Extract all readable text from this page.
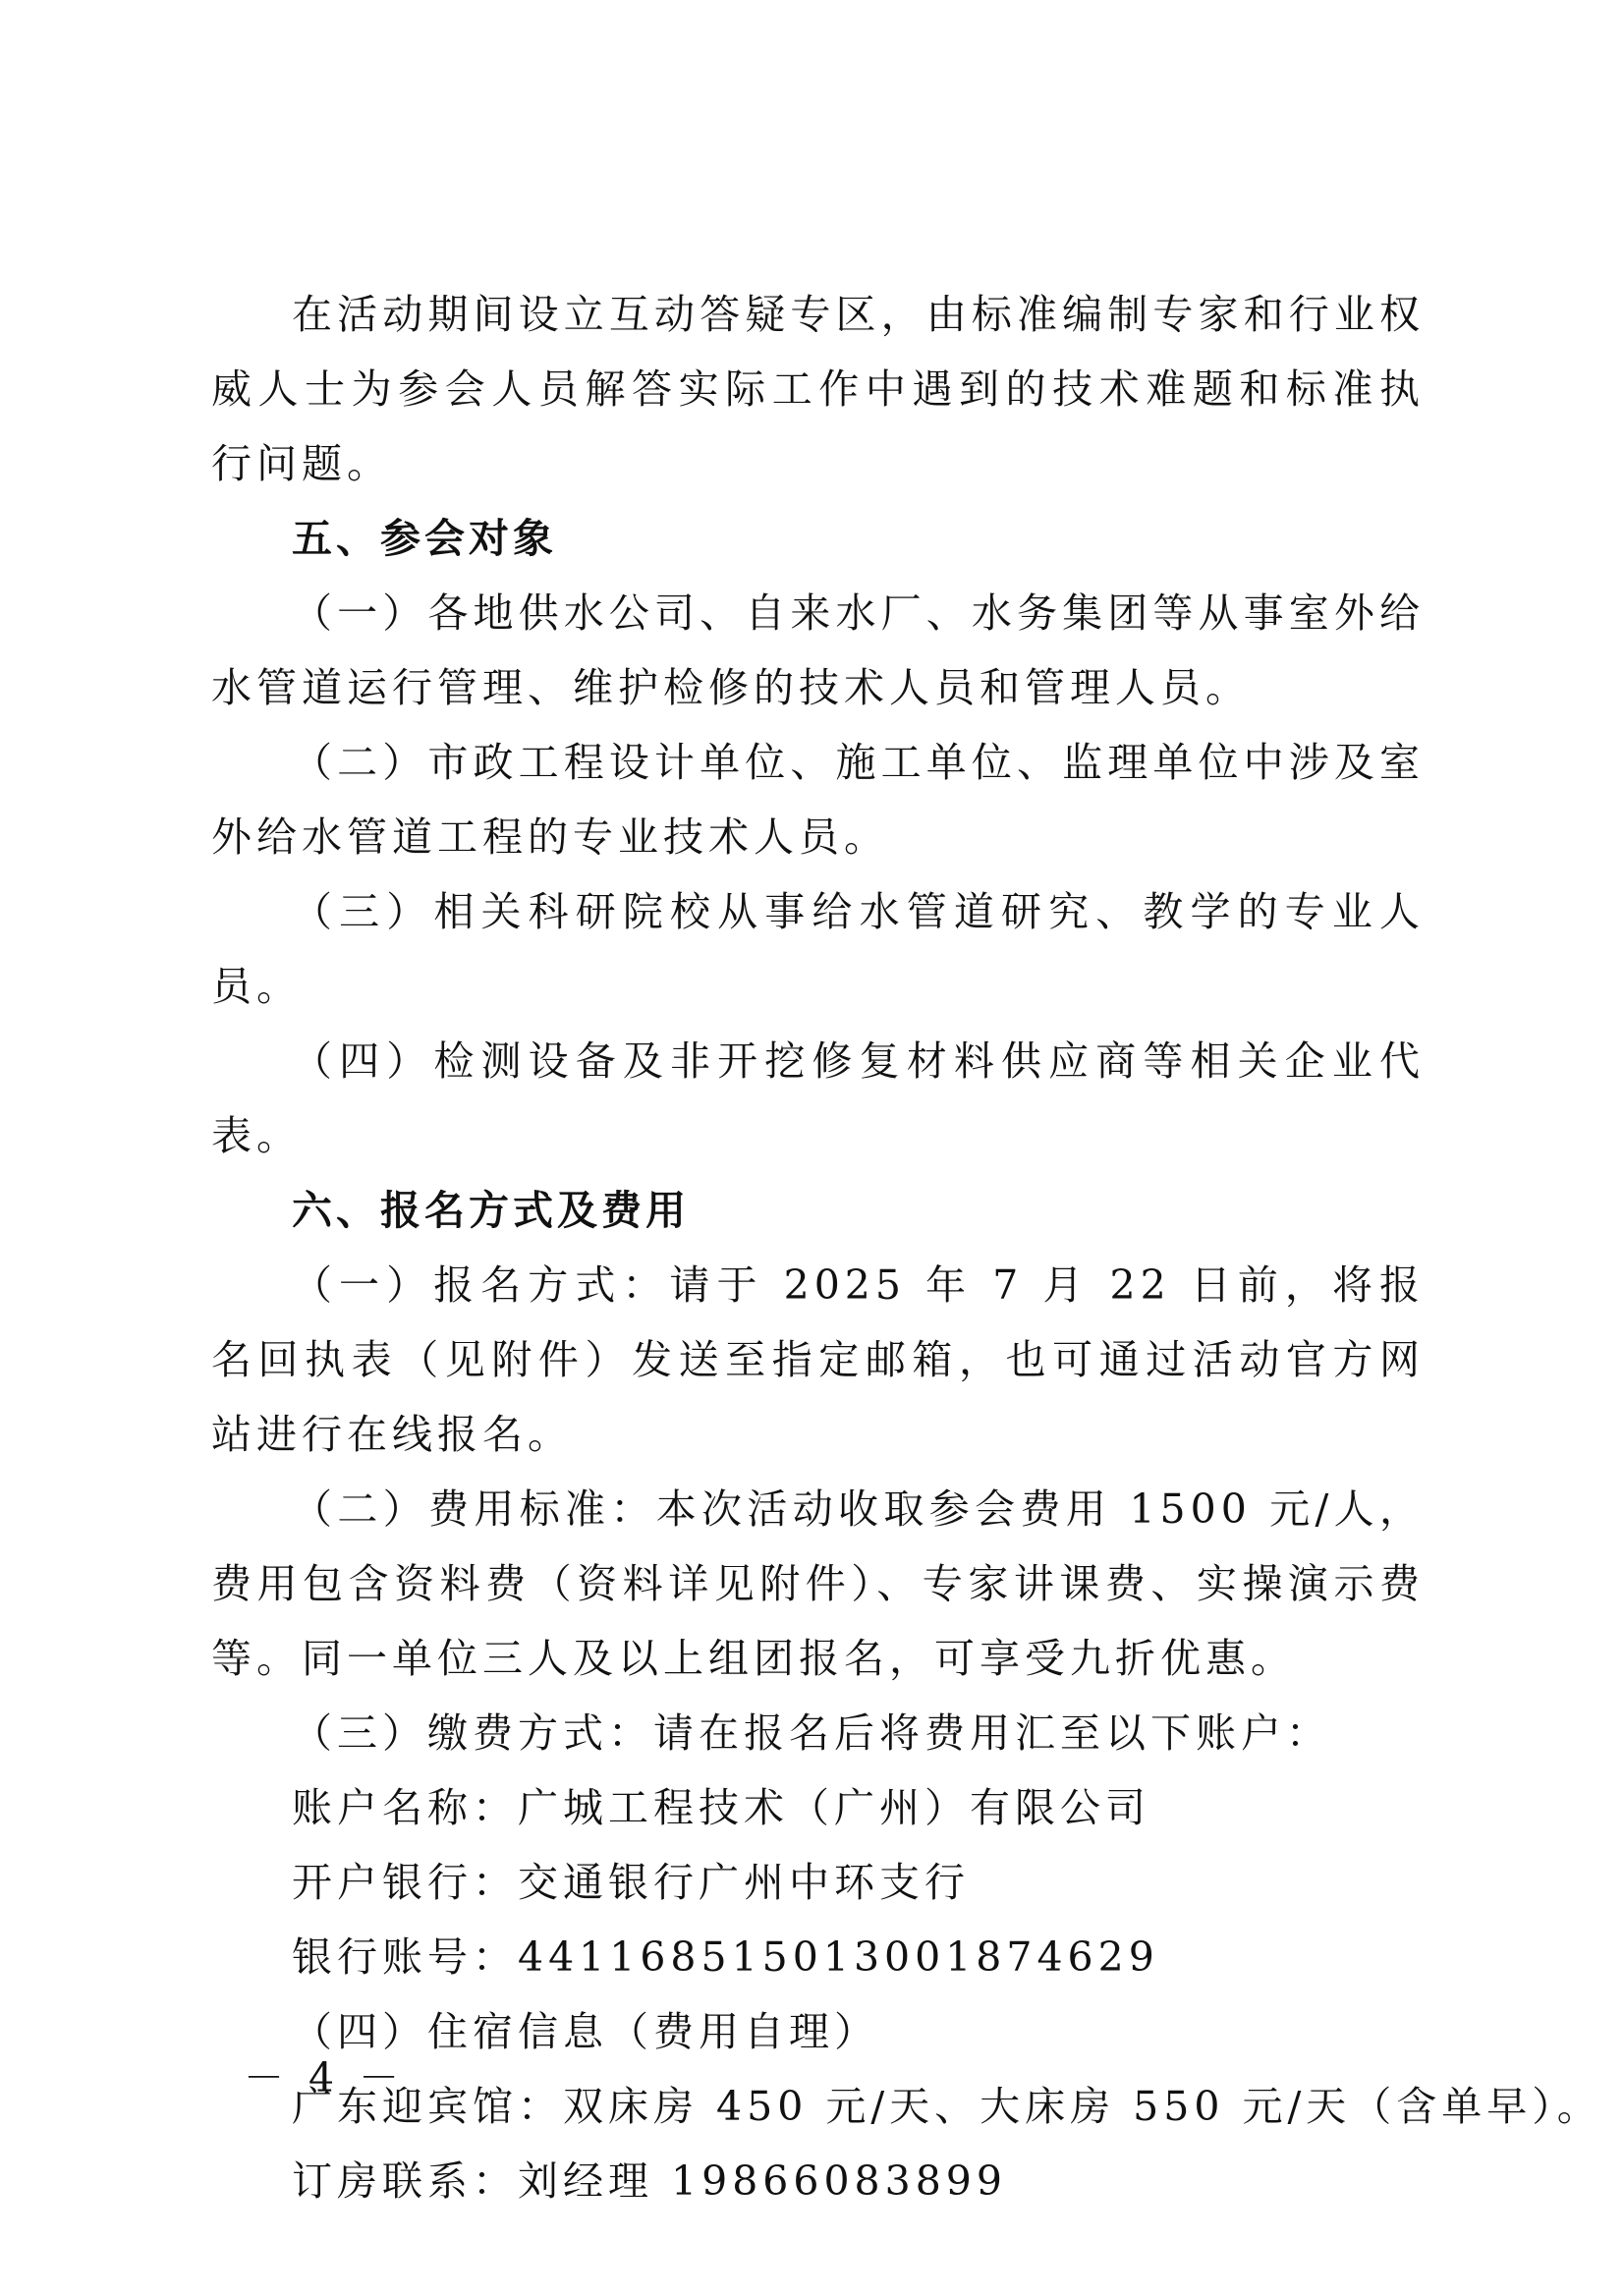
在活动期间设立互动答疑专区，由标准编制专家和行业权威人士为参会人员解答实际工作中遇到的技术难题和标准执行问题。

五、参会对象

（一）各地供水公司、自来水厂、水务集团等从事室外给水管道运行管理、维护检修的技术人员和管理人员。

（二）市政工程设计单位、施工单位、监理单位中涉及室外给水管道工程的专业技术人员。

（三）相关科研院校从事给水管道研究、教学的专业人员。

（四）检测设备及非开挖修复材料供应商等相关企业代表。

六、报名方式及费用

（一）报名方式：请于 2025 年 7 月 22 日前，将报名回执表（见附件）发送至指定邮箱，也可通过活动官方网站进行在线报名。

（二）费用标准：本次活动收取参会费用 1500 元/人，费用包含资料费（资料详见附件）、专家讲课费、实操演示费等。同一单位三人及以上组团报名，可享受九折优惠。

（三）缴费方式：请在报名后将费用汇至以下账户：

账户名称：广城工程技术（广州）有限公司

开户银行：交通银行广州中环支行

银行账号：441168515013001874629

（四）住宿信息（费用自理）

广东迎宾馆：双床房 450 元/天、大床房 550 元/天（含单早）。

订房联系：刘经理 19866083899

－ 4 －
